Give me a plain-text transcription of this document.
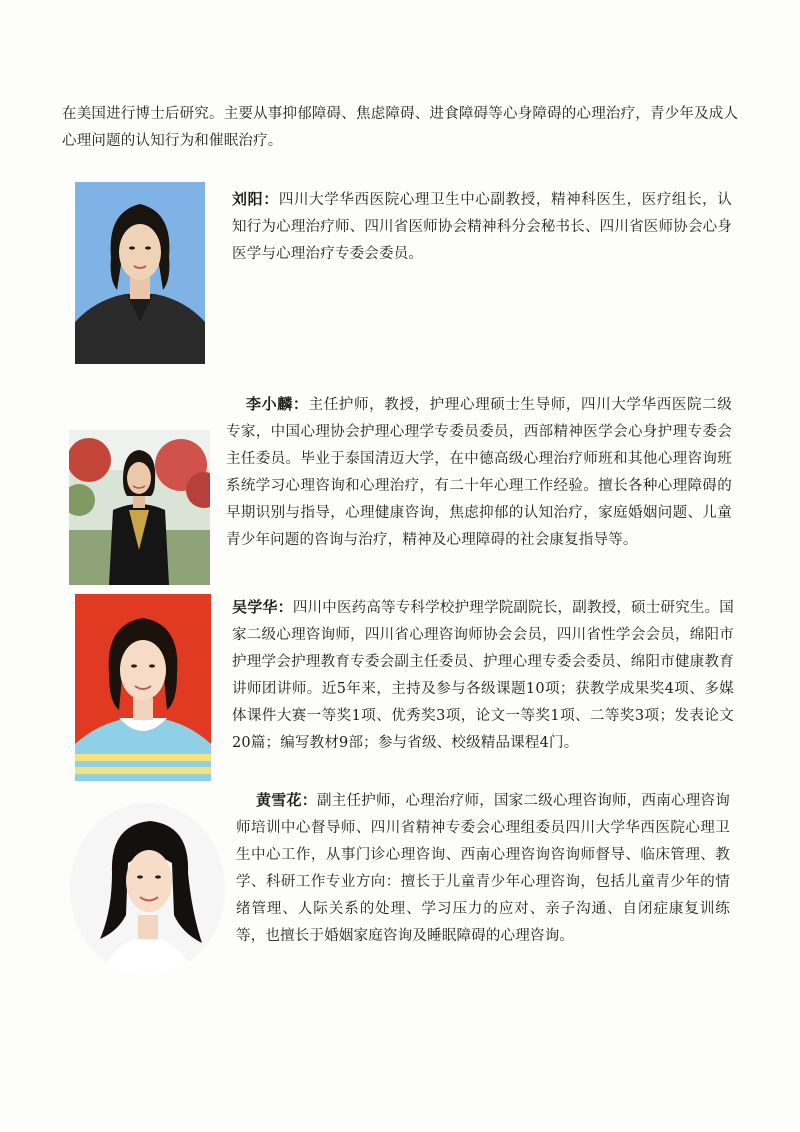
在美国进行博士后研究。主要从事抑郁障碍、焦虑障碍、进食障碍等心身障碍的心理治疗，青少年及成人
心理问题的认知行为和催眠治疗。
刘阳：四川大学华西医院心理卫生中心副教授，精神科医生，医疗组长，认知行为心理治疗师、四川省医师协会精神科分会秘书长、四川省医师协会心身医学与心理治疗专委会委员。
李小麟：主任护师，教授，护理心理硕士生导师，四川大学华西医院二级专家，中国心理协会护理心理学专委员委员，西部精神医学会心身护理专委会主任委员。毕业于泰国清迈大学，在中德高级心理治疗师班和其他心理咨询班系统学习心理咨询和心理治疗，有二十年心理工作经验。擅长各种心理障碍的早期识别与指导，心理健康咨询，焦虑抑郁的认知治疗，家庭婚姻问题、儿童青少年问题的咨询与治疗，精神及心理障碍的社会康复指导等。
吴学华：四川中医药高等专科学校护理学院副院长，副教授，硕士研究生。国家二级心理咨询师，四川省心理咨询师协会会员，四川省性学会会员，绵阳市护理学会护理教育专委会副主任委员、护理心理专委会委员、绵阳市健康教育讲师团讲师。近5年来，主持及参与各级课题10项；获教学成果奖4项、多媒体课件大赛一等奖1项、优秀奖3项，论文一等奖1项、二等奖3项；发表论文20篇；编写教材9部；参与省级、校级精品课程4门。
黄雪花：副主任护师，心理治疗师，国家二级心理咨询师，西南心理咨询师培训中心督导师、四川省精神专委会心理组委员四川大学华西医院心理卫生中心工作，从事门诊心理咨询、西南心理咨询咨询师督导、临床管理、教学、科研工作专业方向：擅长于儿童青少年心理咨询，包括儿童青少年的情绪管理、人际关系的处理、学习压力的应对、亲子沟通、自闭症康复训练等，也擅长于婚姻家庭咨询及睡眠障碍的心理咨询。
